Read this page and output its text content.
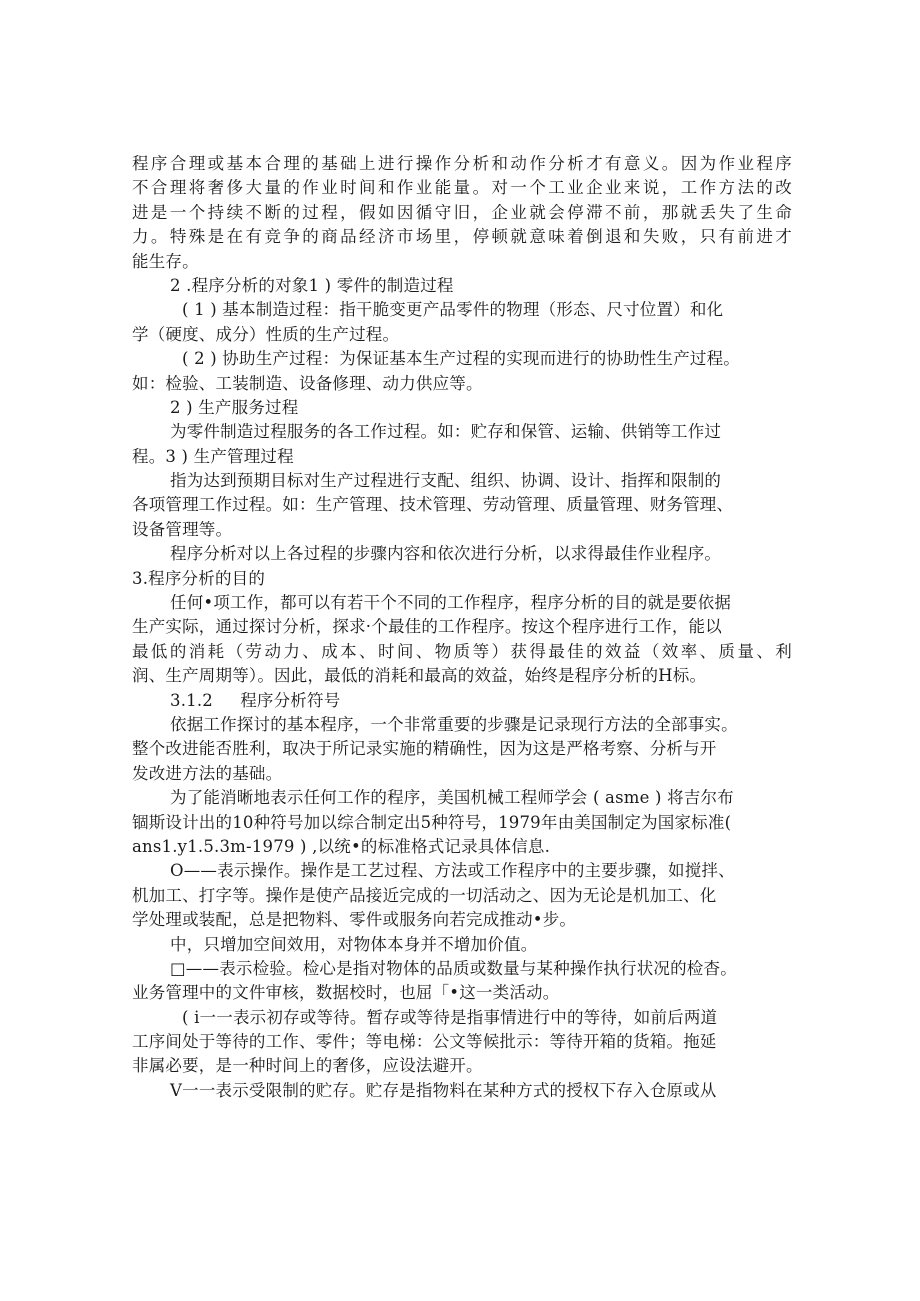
程序合理或基本合理的基础上进行操作分析和动作分析才有意义。因为作业程序
不合理将奢侈大量的作业时间和作业能量。对一个工业企业来说，工作方法的改
进是一个持续不断的过程，假如因循守旧，企业就会停滞不前，那就丢失了生命
力。特殊是在有竞争的商品经济市场里，停顿就意味着倒退和失败，只有前进才
能生存。
2 .程序分析的对象1 ) 零件的制造过程
( 1 ) 基本制造过程：指干脆变更产品零件的物理（形态、尺寸位置）和化
学（硬度、成分）性质的生产过程。
( 2 ) 协助生产过程：为保证基本生产过程的实现而进行的协助性生产过程。
如：检验、工装制造、设备修理、动力供应等。
2 ) 生产服务过程
为零件制造过程服务的各工作过程。如：贮存和保管、运输、供销等工作过
程。3 ) 生产管理过程
指为达到预期目标对生产过程进行支配、组织、协调、设计、指挥和限制的
各项管理工作过程。如：生产管理、技术管理、劳动管理、质量管理、财务管理、
设备管理等。
程序分析对以上各过程的步骤内容和依次进行分析，以求得最佳作业程序。
3.程序分析的目的
任何•项工作，都可以有若干个不同的工作程序，程序分析的目的就是要依据
生产实际，通过探讨分析，探求·个最佳的工作程序。按这个程序进行工作，能以
最低的消耗（劳动力、成本、时间、物质等）获得最佳的效益（效率、质量、利
润、生产周期等）。因此，最低的消耗和最高的效益，始终是程序分析的H标。
3.1.2     程序分析符号
依据工作探讨的基本程序，一个非常重要的步骤是记录现行方法的全部事实。
整个改进能否胜利，取决于所记录实施的精确性，因为这是严格考察、分析与开
发改进方法的基础。
为了能消晰地表示任何工作的程序，美国机械工程师学会 ( asme ) 将吉尔布
锢斯设计出的10种符号加以综合制定出5种符号，1979年由美国制定为国家标准(
ans1.y1.5.3m-1979 ) ,以统•的标准格式记录具体信息.
O——表示操作。操作是工艺过程、方法或工作程序中的主要步骤，如搅拌、
机加工、打字等。操作是使产品接近完成的一切活动之、因为无论是机加工、化
学处理或装配，总是把物料、零件或服务向若完成推动•步。
中，只增加空间效用，对物体本身并不增加价值。
□——表示检验。检心是指对物体的品质或数量与某种操作执行状况的检杳。
业务管理中的文件审核，数据校时，也屈「•这一类活动。
( i一一表示初存或等待。暂存或等待是指事情进行中的等待，如前后两道
工序间处于等待的工作、零件；等电梯：公文等候批示：等待开箱的货箱。拖延
非属必要，是一种时间上的奢侈，应设法避开。
V一一表示受限制的贮存。贮存是指物料在某种方式的授权下存入仓原或从
